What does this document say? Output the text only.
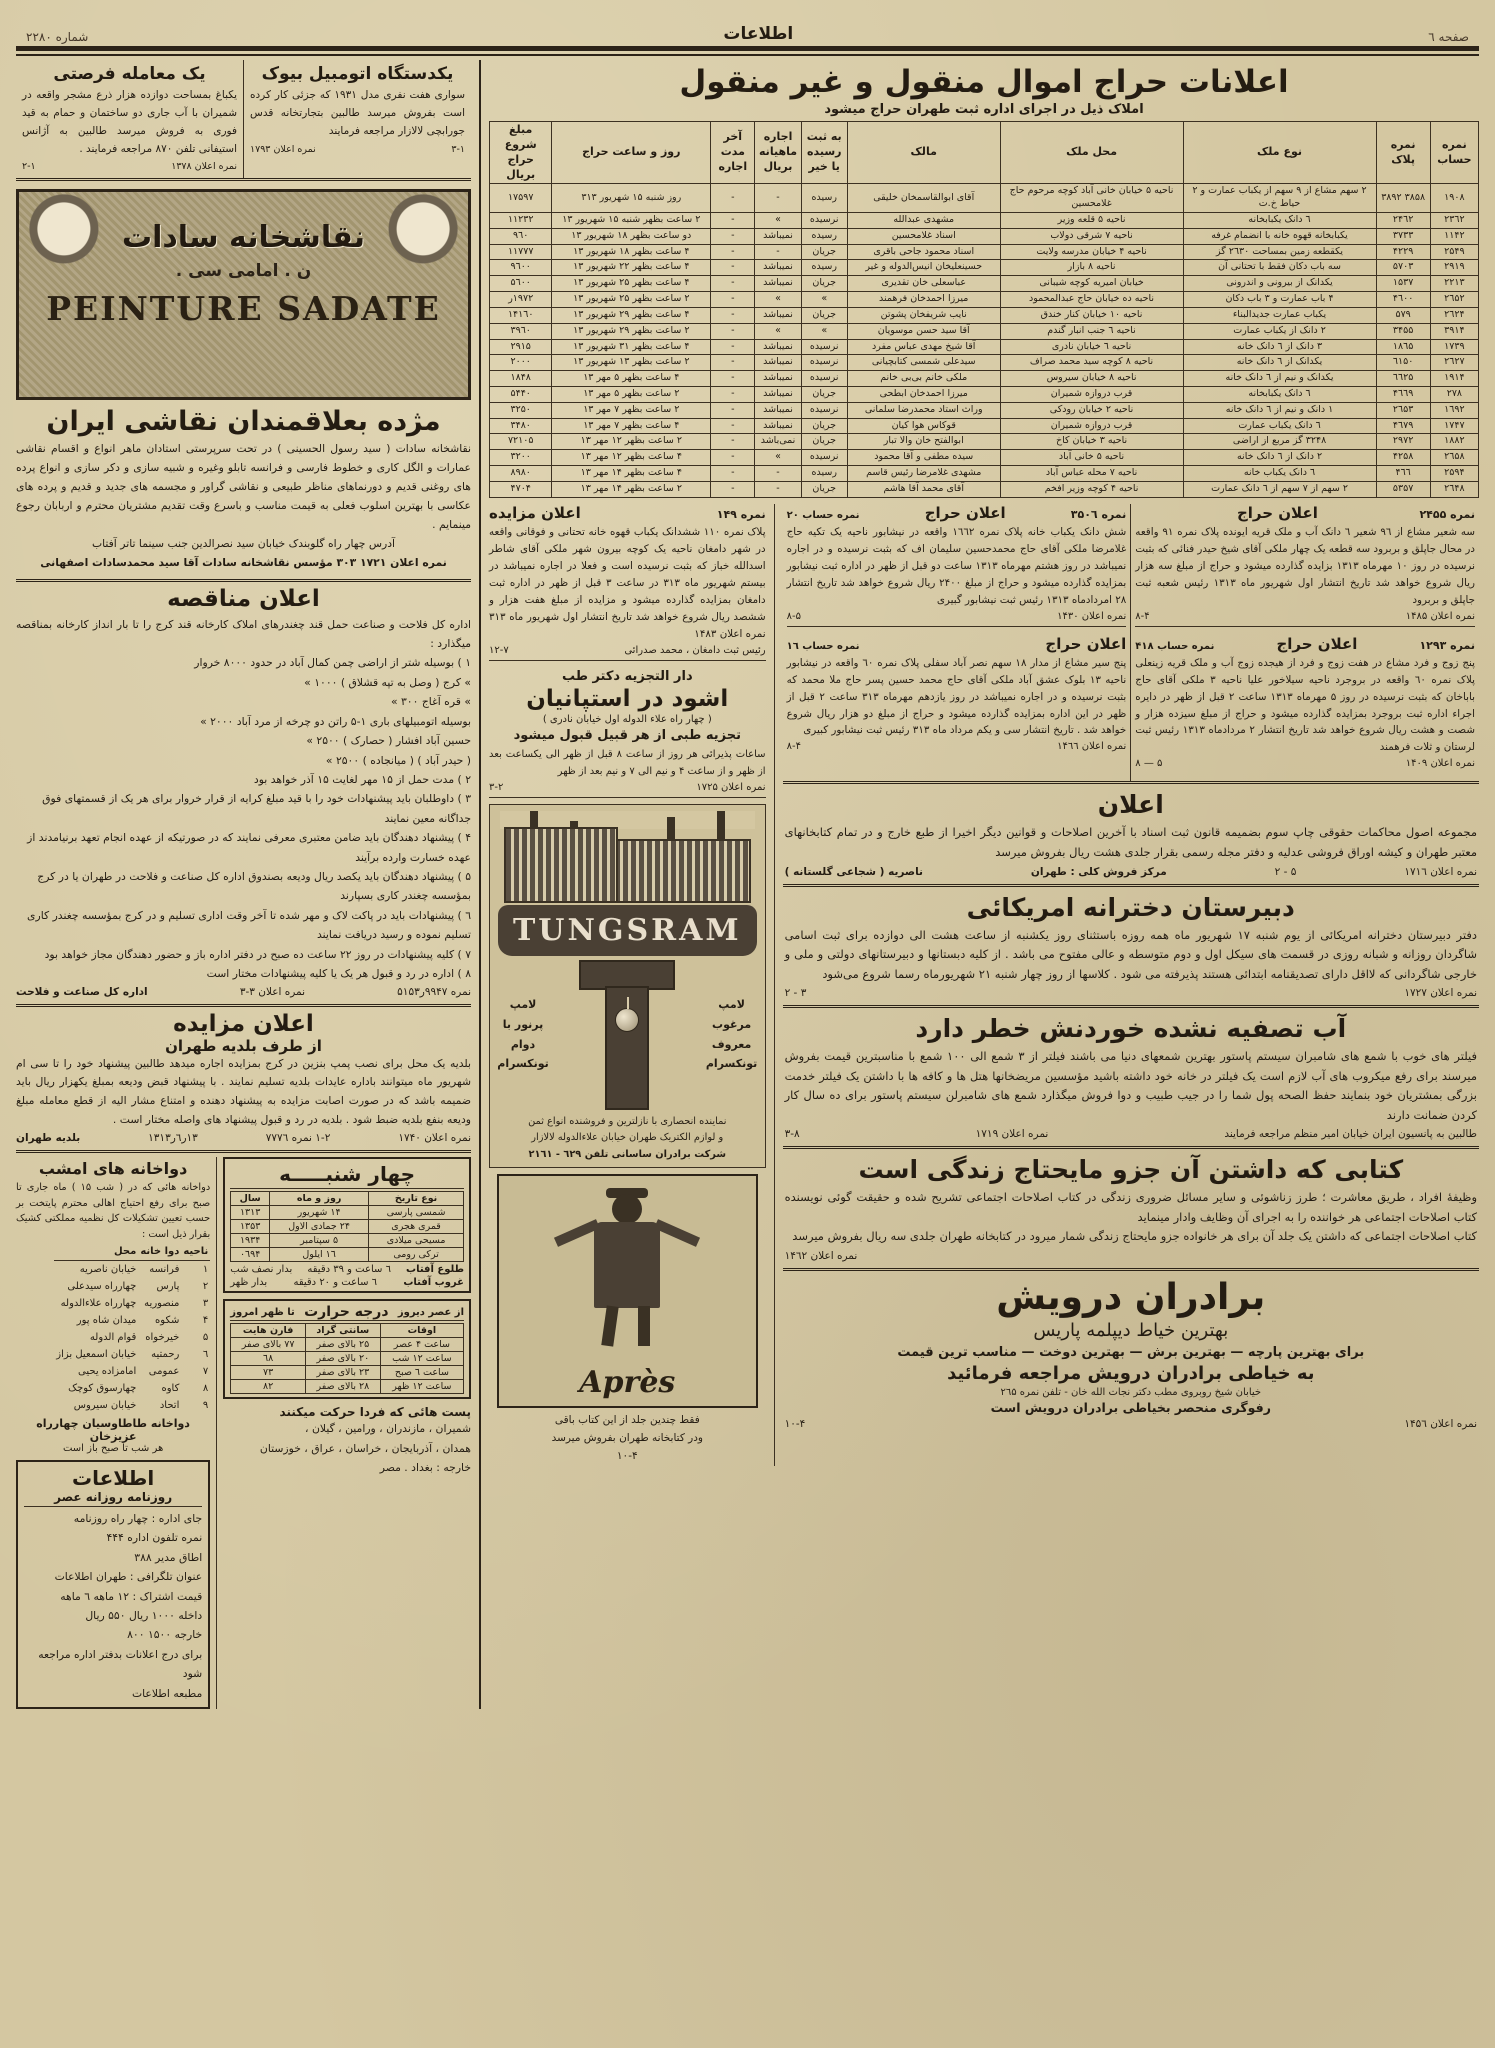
صفحه ٦
اطلاعات
شماره ۲۲۸۰
اعلانات حراج اموال منقول و غیر منقول
املاک ذیل در اجرای اداره ثبت طهران حراج میشود
نمره حساب	نمره پلاک	نوع ملک	محل ملک	مالک	به ثبت رسیده یا خیر	اجاره ماهیانه بریال	آخر مدت اجاره	روز و ساعت حراج	مبلغ شروع حراج بریال
۱۹۰۸	۳۸۵۸ ۳۸۹۲	۲ سهم مشاع از ۹ سهم از یکباب عمارت و ۲ حیاط خ.ت	ناحیه ۵ خیابان خانی آباد کوچه مرحوم حاج غلامحسین	آقای ابوالقاسمخان خلیقی	رسیده	-	-	روز شنبه ۱۵ شهریور ۳۱۳	۱۷۵۹۷
۲۳٦۲	۲۴٦۲	٦ دانک یکبابخانه	ناحیه ۵ قلعه وزیر	مشهدی عبدالله	نرسیده	»	-	۲ ساعت بظهر شنبه ۱۵ شهریور ۱۳	۱۱۲۳۲
۱۱۴۲	۳۷۳۳	یکبابخانه قهوه خانه با انضمام غرفه	ناحیه ۷ شرقی دولاب	اسناد غلامحسین	رسیده	نمیباشد	-	دو ساعت بظهر ۱۸ شهریور ۱۳	۹٦۰
۲۵۴۹	۴۲۲۹	یکقطعه زمین بمساحت ۲٦۳۰ گز	ناحیه ۴ خیابان مدرسه ولایت	اسناد محمود جاحی باقری	جریان	-	-	۴ ساعت بظهر ۱۸ شهریور ۱۳	۱۱۷۷۷
۲۹۱۹	۵۷۰۳	سه باب دکان فقط با تحتانی آن	ناحیه ۸ بازار	حسینعلیخان انیس‌الدوله و غیر	رسیده	نمیباشد	-	۴ ساعت بظهر ۲۲ شهریور ۱۳	۹٦۰۰
۲۲۱۳	۱۵۳۷	یکدانک از بیرونی و اندرونی	خیابان امیریه کوچه شیبانی	عباسعلی خان تقدیری	جریان	نمیباشد	-	۴ ساعت بظهر ۲۵ شهریور ۱۳	۵٦۰۰
۲٦۵۲	۴٦۰۰	۴ باب عمارت و ۳ باب دکان	ناحیه ده خیابان حاج عبدالمحمود	میرزا احمدخان فرهمند	»	»	-	۲ ساعت بظهر ۲۵ شهریور ۱۳	۱۹۷۲ر
۲٦۲۴	۵۷۹	یکباب عمارت جدیدالبناء	ناحیه ۱۰ خیابان کنار خندق	نایب شریفخان پشوتن	جریان	نمیباشد	-	۴ ساعت بظهر ۲۹ شهریور ۱۳	۱۴۱٦۰
۳۹۱۴	۳۴۵۵	۲ دانک از یکباب عمارت	ناحیه ٦ جنب انبار گندم	آقا سید حسن موسویان	»	»	-	۲ ساعت بظهر ۲۹ شهریور ۱۳	۳۹٦۰
۱۷۳۹	۱۸٦۵	۳ دانک از ٦ دانک خانه	ناحیه ٦ خیابان نادری	آقا شیخ مهدی عباس مفرد	نرسیده	نمیباشد	-	۴ ساعت بظهر ۳۱ شهریور ۱۳	۲۹۱۵
۲٦۲۷	٦۱۵۰	یکدانک از ٦ دانک خانه	ناحیه ۸ کوچه سید محمد صراف	سیدعلی شمسی کتابچیانی	نرسیده	نمیباشد	-	۲ ساعت بظهر ۱۳ شهریور ۱۳	۲۰۰۰
۱۹۱۴	٦٦۲۵	یکدانک و نیم از ٦ دانک خانه	ناحیه ۸ خیابان سیروس	ملکی خانم بی‌بی خانم	نرسیده	نمیباشد	-	۴ ساعت بظهر ۵ مهر ۱۳	۱۸۴۸
۲۷۸	۴٦٦۹	٦ دانک یکبابخانه	قرب دروازه شمیران	میرزا احمدخان ابطحی	جریان	نمیباشد	-	۲ ساعت بظهر ۵ مهر ۱۳	۵۴۴۰
۱٦۹۲	۲٦۵۳	۱ دانک و نیم از ٦ دانک خانه	ناحیه ۲ خیابان رودکی	وراث استاد محمدرضا سلمانی	نرسیده	نمیباشد	-	۲ ساعت بظهر ۷ مهر ۱۳	۳۲۵۰
۱۷۴۷	۴٦۷۹	٦ دانک یکباب عمارت	قرب دروازه شمیران	قوکاس هوا کیان	جریان	نمیباشد	-	۴ ساعت بظهر ۷ مهر ۱۳	۳۴۸۰
۱۸۸۲	۲۹۷۲	۳۲۴۸ گز مربع از اراضی	ناحیه ۳ خیابان کاخ	ابوالفتح خان والا تبار	جریان	نمی‌باشد	-	۲ ساعت بظهر ۱۲ مهر ۱۳	۷۲۱۰۵
۲٦۵۸	۴۲۵۸	۲ دانک از ٦ دانک خانه	ناحیه ۵ خانی آباد	سیده مطفی و آقا محمود	نرسیده	»	-	۴ ساعت بظهر ۱۲ مهر ۱۳	۳۲۰۰
۲۵۹۴	۴٦٦	٦ دانک یکباب خانه	ناحیه ۷ محله عباس آباد	مشهدی غلامرضا رئیس قاسم	رسیده	-	-	۴ ساعت بظهر ۱۴ مهر ۱۳	۸۹۸۰
۲٦۴۸	۵۳۵۷	۲ سهم از ۷ سهم از ٦ دانک عمارت	ناحیه ۴ کوچه وزیر افخم	آقای محمد آقا هاشم	جریان	-	-	۲ ساعت بظهر ۱۴ مهر ۱۳	۴۷۰۴
نمره ۲۴۵۵
اعلان حراج
سه شعیر مشاع از ۹٦ شعیر ٦ دانک آب و ملک قریه ایونده پلاک نمره ۹۱ واقعه در محال جاپلق و بربرود سه قطعه یک چهار ملکی آقای شیخ حیدر فنائی که بثبت نرسیده در روز ۱۰ مهرماه ۱۳۱۳ بزایده گذارده میشود و حراج از مبلغ سه هزار ریال شروع خواهد شد تاریخ انتشار اول شهریور ماه ۱۳۱۳ رئیس شعبه ثبت جاپلق و بربرود
نمره اعلان ۱۴۸۵
۸-۴
نمره ۱۲۹۳
اعلان حراج
نمره حساب ۴۱۸
پنج زوج و فرد مشاع در هفت زوج و فرد از هیجده زوج آب و ملک قریه زینعلی پلاک نمره ٦۰ واقعه در بروجرد ناحیه سیلاخور علیا ناحیه ۳ ملکی آقای حاج باباخان که بثبت نرسیده در روز ۵ مهرماه ۱۳۱۳ ساعت ۲ قبل از ظهر در دایره اجراء اداره ثبت بروجرد بمزایده گذارده میشود و حراج از مبلغ سیزده هزار و شصت و هشت ریال شروع خواهد شد تاریخ انتشار ۲ مردادماه ۱۳۱۳ رئیس ثبت لرستان و ثلات فرهمند
نمره اعلان ۱۴۰۹
۵ — ۸
نمره ۳۵۰٦
اعلان حراج
نمره حساب ۲۰
شش دانک یکباب خانه پلاک نمره ۱٦٦۲ واقعه در نیشابور ناحیه یک تکیه حاج غلامرضا ملکی آقای حاج محمدحسین سلیمان اف که بثبت نرسیده و در اجاره نمیباشد در روز هشتم مهرماه ۱۳۱۳ ساعت دو قبل از ظهر در اداره ثبت نیشابور بمزایده گذارده میشود و حراج از مبلغ ۲۴۰۰ ریال شروع خواهد شد تاریخ انتشار ۲۸ امردادماه ۱۳۱۳ رئیس ثبت نیشابور گبیری
نمره اعلان ۱۴۳۰
۸-۵
اعلان حراج
نمره حساب ۱٦
پنج سیر مشاع از مدار ۱۸ سهم نصر آباد سفلی پلاک نمره ٦۰ واقعه در نیشابور ناحیه ۱۳ بلوک عشق آباد ملکی آقای حاج محمد حسین پسر حاج ملا محمد که بثبت نرسیده و در اجاره نمیباشد در روز یازدهم مهرماه ۳۱۳ ساعت ۲ قبل از ظهر در این اداره بمزایده گذارده میشود و حراج از مبلغ دو هزار ریال شروع خواهد شد . تاریخ انتشار سی و یکم مرداد ماه ۳۱۳ رئیس ثبت نیشابور کبیری
نمره اعلان ۱۴٦٦
۸-۴
اعلان
مجموعه اصول محاکمات حقوقی چاپ سوم بضمیمه قانون ثبت اسناد با آخرین اصلاحات و قوانین دیگر اخیرا از طبع خارج و در تمام کتابخانهای معتبر طهران و کیشه اوراق فروشی عدلیه و دفتر مجله رسمی بقرار جلدی هشت ریال بفروش میرسد
نمره اعلان ۱۷۱٦
۵ - ۲
مرکز فروش کلی : طهران
ناصریه ( شجاعی گلستانه )
دبیرستان دخترانه امریکائی
دفتر دبیرستان دخترانه امریکائی از یوم شنبه ۱۷ شهریور ماه همه روزه باستثنای روز یکشنبه از ساعت هشت الی دوازده برای ثبت اسامی شاگردان روزانه و شبانه روزی در قسمت های سیکل اول و دوم متوسطه و عالی مفتوح می باشد . از کلیه دبستانها و دبیرستانهای دولتی و ملی و خارجی شاگردانی که لااقل دارای تصدیقنامه ابتدائی هستند پذیرفته می شود . کلاسها از روز چهار شنبه ۲۱ شهریورماه رسما شروع می‌شود
نمره اعلان ۱۷۲۷
۳ - ۲
آب تصفیه نشده خوردنش خطر دارد
فیلتر های خوب با شمع های شامبران سیستم پاستور بهترین شمعهای دنیا می باشند فیلتر از ۳ شمع الی ۱۰۰ شمع با مناسبترین قیمت بفروش میرسند برای رفع میکروب های آب لازم است یک فیلتر در خانه خود داشته باشید مؤسسین مریضخانها هتل ها و کافه ها با داشتن یک فیلتر خدمت بزرگی بمشتریان خود بنمایند حفظ الصحه پول شما را در جیب طبیب و دوا فروش میگذارد شمع های شامبرلن سیستم پاستور برای ده سال کار کردن ضمانت دارند
طالبین به پانسیون ایران خیابان امیر منظم مراجعه فرمایند
نمره اعلان ۱۷۱۹
۳-۸
کتابی که داشتن آن جزو مایحتاج زندگی است
وظیفهٔ افراد ، طریق معاشرت ؛ طرز زناشوئی و سایر مسائل ضروری زندگی در کتاب اصلاحات اجتماعی تشریح شده و حقیقت گوئی نویسنده کتاب اصلاحات اجتماعی هر خواننده را به اجرای آن وظایف وادار مینماید
کتاب اصلاحات اجتماعی که داشتن یک جلد آن برای هر خانواده جزو مایحتاج زندگی شمار میرود در کتابخانه طهران جلدی سه ریال بفروش میرسد
نمره اعلان ۱۴٦۲
برادران درویش
بهترین خیاط دیپلمه پاریس
برای بهترین پارچه — بهترین برش — بهترین دوخت — مناسب ترین قیمت
به خیاطی برادران درویش مراجعه فرمائید
خیابان شیخ روبروی مطب دکتر نجات الله خان - تلفن نمره ۲٦۵
رفوگری منحصر بخیاطی برادران درویش است
نمره اعلان ۱۴۵٦
۱۰-۴
نمره ۱۴۹
اعلان مزایده
پلاک نمره ۱۱۰ ششدانک یکباب قهوه خانه تحتانی و فوقانی واقعه در شهر دامغان ناحیه یک کوچه بیرون شهر ملکی آقای شاطر اسدالله خباز که بثبت نرسیده است و فعلا در اجاره نمیباشد در بیستم شهریور ماه ۳۱۳ در ساعت ۳ قبل از ظهر در اداره ثبت دامغان بمزایده گذارده میشود و مزایده از مبلغ هفت هزار و ششصد ریال شروع خواهد شد تاریخ انتشار اول شهریور ماه ۳۱۳ نمره اعلان ۱۴۸۳
رئیس ثبت دامغان ، محمد صدرائی
۱۲-۷
دار التجزیه دکتر طب
اشود در استپانیان
( چهار راه علاء الدوله اول خیابان نادری )
تجزیه طبی از هر قبیل قبول میشود
ساعات پذیرائی هر روز از ساعت ۸ قبل از ظهر الی یکساعت بعد از ظهر و از ساعت ۴ و نیم الی ۷ و نیم بعد از ظهر
نمره اعلان ۱۷۲۵
۳-۲
TUNGSRAM
لامپ مرغوب معروف تونکسرام
لامپ پرنور با دوام تونکسرام
نماینده انحصاری با نازلترین و فروشنده انواع ثمن
و لوازم الکتریک طهران خیابان علاءالدوله لالازار
شرکت برادران ساسانی تلفن ٦۲۹ - ۲۱٦۱
Après
فقط چندین جلد از این کتاب باقی
ودر کتابخانه طهران بفروش میرسد
۱۰-۴
یکدستگاه اتومبیل بیوک
سواری هفت نفری مدل ۱۹۳۱ که جزئی کار کرده است بفروش میرسد طالبین بتجارتخانه قدس جورابچی لالازار مراجعه فرمایند
۳-۱
نمره اعلان ۱۷۹۳
یک معامله فرصتی
یکباغ بمساحت دوازده هزار ذرع مشجر واقعه در شمیران با آب جاری دو ساختمان و حمام به قید فوری به فروش میرسد طالبین به آژانس استیفانی تلفن ۸۷۰ مراجعه فرمایند .
نمره اعلان ۱۳۷۸
۲-۱
نقاشخانه سادات
ن . امامی سی .
PEINTURE SADATE
مژده بعلاقمندان نقاشی ایران
نقاشخانه سادات ( سید رسول الحسینی ) در تحت سرپرستی استادان ماهر انواع و اقسام نقاشی عمارات و الگل کاری و خطوط فارسی و فرانسه تابلو وغیره و شبیه سازی و دکر سازی و انواع پرده های روغنی قدیم و دورنماهای مناظر طبیعی و نقاشی گراور و مجسمه های جدید و قدیم و پرده های عکاسی با بهترین اسلوب فعلی به قیمت مناسب و باسرع وقت تقدیم مشتریان محترم و اربابان رجوع مینمایم .
آدرس چهار راه گلوبندک خیابان سید نصرالدین جنب سینما تاتر آفتاب
نمره اعلان ۱۷۲۱ ۳۰۳ مؤسس نقاشخانه سادات آقا سید محمدسادات اصفهانی
اعلان مناقصه
اداره کل فلاحت و صناعت حمل قند چغندرهای املاک کارخانه قند کرج را تا بار انداز کارخانه بمناقصه میگذارد :
۱ ) بوسیله شتر از اراضی چمن کمال آباد در حدود ۸۰۰۰ خروار
» کرج ( وصل به تپه قشلاق ) ۱۰۰۰ »
» قره آغاج ۳۰۰ »
بوسیله اتومبیلهای باری ۱-۵ راتن دو چرخه از مرد آباد ۲۰۰۰ »
حسین آباد افشار ( حصارک ) ۲۵۰۰ »
( حیدر آباد ) ( میانجاده ) ۲۵۰۰ »
۲ ) مدت حمل از ۱۵ مهر لغایت ۱۵ آذر خواهد بود
۳ ) داوطلبان باید پیشنهادات خود را با قید مبلغ کرایه از قرار خروار برای هر یک از قسمتهای فوق جداگانه معین نمایند
۴ ) پیشنهاد دهندگان باید ضامن معتبری معرفی نمایند که در صورتیکه از عهده انجام تعهد برنیامدند از عهده خسارت وارده برآیند
۵ ) پیشنهاد دهندگان باید یکصد ریال ودیعه بصندوق اداره کل صناعت و فلاحت در طهران یا در کرج بمؤسسه چغندر کاری بسپارند
٦ ) پیشنهادات باید در پاکت لاک و مهر شده تا آخر وقت اداری تسلیم و در کرج بمؤسسه چغندر کاری تسلیم نموده و رسید دریافت نمایند
۷ ) کلیه پیشنهادات در روز ۲۲ ساعت ده صبح در دفتر اداره باز و حضور دهندگان مجاز خواهد بود
۸ ) اداره در رد و قبول هر یک یا کلیه پیشنهادات مختار است
نمره ۹۹۴۷ر۵۱۵۳
نمره اعلان ۳-۳
اداره کل صناعت و فلاحت
اعلان مزایده
از طرف بلدیه طهران
بلدیه یک محل برای نصب پمپ بنزین در کرج بمزایده اجاره میدهد طالبین پیشنهاد خود را تا سی ام شهریور ماه میتوانند باداره عایدات بلدیه تسلیم نمایند . با پیشنهاد قبض ودیعه بمبلغ یکهزار ریال باید ضمیمه باشد که در صورت اصابت مزایده به پیشنهاد دهنده و امتناع مشار الیه از قطع معامله مبلغ ودیعه بنفع بلدیه ضبط شود . بلدیه در رد و قبول پیشنهاد های واصله مختار است .
نمره اعلان ۱۷۴۰
۱-۲ نمره ۷۷۷٦
۱۳ر٦ر۱۳۱۳
بلدیه طهران
چهار شنبـــــه
نوع تاریخ	روز و ماه	سال
شمسی پارسی	۱۴ شهریور	۱۳۱۳
قمری هجری	۲۴ جمادی الاول	۱۳۵۳
مسیحی میلادی	۵ سپتامبر	۱۹۳۴
ترکی رومی	۱٦ ایلول	۰٦۹۴
طلوع آفتاب
٦ ساعت و ۳۹ دقیقه
بدار نصف شب
غروب آفتاب
٦ ساعت و ۲۰ دقیقه
بدار ظهر
از عصر دیروز
درجه حرارت
تا ظهر امروز
اوقات	سانتی گراد	فارن هایت
ساعت ۴ عصر	۲۵ بالای صفر	۷۷ بالای صفر
ساعت ۱۲ شب	۲۰ بالای صفر	٦۸
ساعت ٦ صبح	۲۳ بالای صفر	۷۳
ساعت ۱۲ ظهر	۲۸ بالای صفر	۸۲
پست هائی که فردا حرکت میکنند
شمیران ، مازندران ، ورامین ، گیلان ،
همدان ، آذربایجان ، خراسان ، عراق ، خوزستان
خارجه : بغداد . مصر
دواخانه های امشب
دواخانه هائی که در ( شب ۱۵ ) ماه جاری تا صبح برای رفع احتیاج اهالی محترم پایتخت بر حسب تعیین تشکیلات کل نظمیه مملکتی کشیک بقرار ذیل است :
ناحیه	دوا خانه	محل
۱	فرانسه	خیابان ناصریه
۲	پارس	چهارراه سیدعلی
۳	منصوریه	چهارراه علاءالدوله
۴	شکوه	میدان شاه پور
۵	خیرخواه	قوام الدوله
٦	رحمتیه	خیابان اسمعیل بزاز
۷	عمومی	امامزاده یحیی
۸	کاوه	چهارسوق کوچک
۹	اتحاد	خیابان سیروس
دواخانه طاطاوسیان چهارراه عزیزخان
هر شب تا صبح باز است
اطلاعات
روزنامه روزانه عصر
جای اداره : چهار راه روزنامه
نمره تلفون اداره ۴۴۴
اطاق مدیر ۳۸۸
عنوان تلگرافی : طهران اطلاعات
قیمت اشتراک : ۱۲ ماهه ٦ ماهه
داخله ۱۰۰۰ ریال ۵۵۰ ریال
خارجه ۱۵۰۰ ۸۰۰
برای درج اعلانات بدفتر اداره مراجعه شود
مطبعه اطلاعات
